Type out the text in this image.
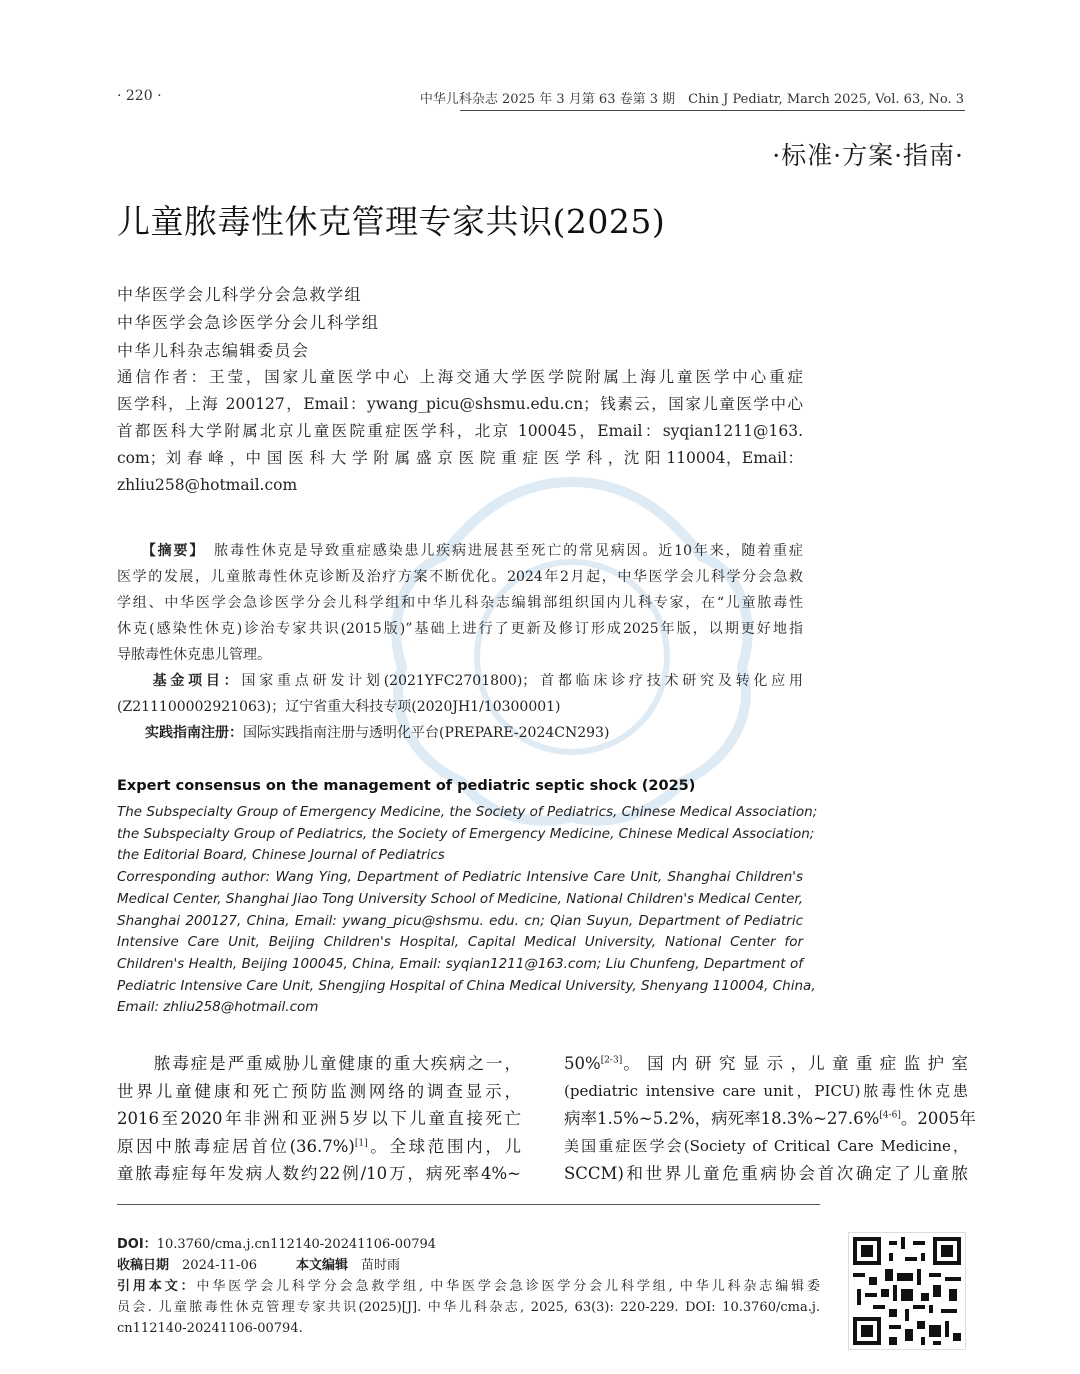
· 220 ·	中华儿科杂志 2025 年 3 月第 63 卷第 3 期　Chin J Pediatr, March 2025, Vol. 63, No. 3
·标准·方案·指南·
儿童脓毒性休克管理专家共识(2025)
中华医学会儿科学分会急救学组
中华医学会急诊医学分会儿科学组
中华儿科杂志编辑委员会
通信作者：王莹，国家儿童医学中心 上海交通大学医学院附属上海儿童医学中心重症
医学科，上海 200127，Email：ywang_picu@shsmu.edu.cn；钱素云，国家儿童医学中心
首都医科大学附属北京儿童医院重症医学科，北京 100045，Email：syqian1211@163.
com；刘 春 峰 ，中 国 医 科 大 学 附 属 盛 京 医 院 重 症 医 学 科 ，沈 阳 110004，Email：
zhliu258@hotmail.com
　　【摘要】　 脓毒性休克是导致重症感染患儿疾病进展甚至死亡的常见病因。近10年来，随着重症
医学的发展，儿童脓毒性休克诊断及治疗方案不断优化。2024年2月起，中华医学会儿科学分会急救
学组、中华医学会急诊医学分会儿科学组和中华儿科杂志编辑部组织国内儿科专家，在“儿童脓毒性
休克(感染性休克)诊治专家共识(2015版)”基础上进行了更新及修订形成2025年版，以期更好地指
导脓毒性休克患儿管理。
　　基金项目：国家重点研发计划(2021YFC2701800)；首都临床诊疗技术研究及转化应用
(Z211100002921063)；辽宁省重大科技专项(2020JH1/10300001)
　　实践指南注册：国际实践指南注册与透明化平台(PREPARE-2024CN293)
Expert consensus on the management of pediatric septic shock (2025)
The Subspecialty Group of Emergency Medicine, the Society of Pediatrics, Chinese Medical Association;
the Subspecialty Group of Pediatrics, the Society of Emergency Medicine, Chinese Medical Association;
the Editorial Board, Chinese Journal of Pediatrics
Corresponding author: Wang Ying, Department of Pediatric Intensive Care Unit, Shanghai Children's
Medical Center, Shanghai Jiao Tong University School of Medicine, National Children's Medical Center,
Shanghai 200127, China, Email: ywang_picu@shsmu. edu. cn; Qian Suyun, Department of Pediatric
Intensive Care Unit, Beijing Children's Hospital, Capital Medical University, National Center for
Children's Health, Beijing 100045, China, Email: syqian1211@163.com; Liu Chunfeng, Department of
Pediatric Intensive Care Unit, Shengjing Hospital of China Medical University, Shenyang 110004, China,
Email: zhliu258@hotmail.com
　　脓毒症是严重威胁儿童健康的重大疾病之一，
世界儿童健康和死亡预防监测网络的调查显示，
2016至2020年非洲和亚洲5岁以下儿童直接死亡
原因中脓毒症居首位(36.7%)[1]。全球范围内，儿
童脓毒症每年发病人数约22例/10万，病死率4%~
50%[2-3]。 国 内 研 究 显 示 ，儿 童 重 症 监 护 室
(pediatric intensive care unit，PICU)脓毒性休克患
病率1.5%~5.2%，病死率18.3%~27.6%[4-6]。2005年
美国重症医学会(Society of Critical Care Medicine，
SCCM)和世界儿童危重病协会首次确定了儿童脓
DOI：10.3760/cma.j.cn112140-20241106-00794
收稿日期　 2024-11-06　　　	本文编辑　 苗时雨
引用本文：中华医学会儿科学分会急救学组, 中华医学会急诊医学分会儿科学组, 中华儿科杂志编辑委
员会. 儿童脓毒性休克管理专家共识(2025)[J]. 中华儿科杂志, 2025, 63(3): 220-229. DOI: 10.3760/cma.j.
cn112140-20241106-00794.
